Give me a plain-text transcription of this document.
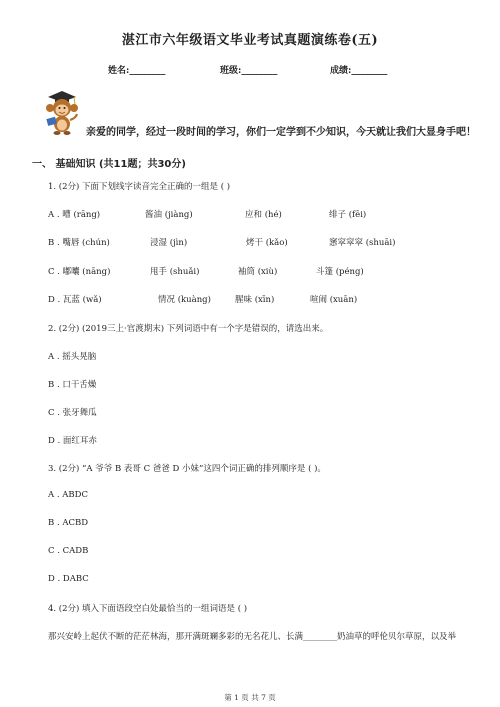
湛江市六年级语文毕业考试真题演练卷(五)
姓名:________	班级:________	成绩:________
亲爱的同学，经过一段时间的学习，你们一定学到不少知识，今天就让我们大显身手吧！
一、 基础知识 (共11题；共30分)
1. (2分) 下面下划线字读音完全正确的一组是 ( )
A . 嘈 (rāng)	酱油 (jiàng)	应和 (hé)	绯子 (fēi)
B . 嘴唇 (chún)	浸湿 (jìn)	烤干 (kǎo)	窸窣窣窣 (shuāi)
C . 嘟囔 (nāng)	甩手 (shuǎi)	袖筒 (xiù)	斗篷 (péng)
D . 瓦蓝 (wǎ)	情况 (kuàng)	腥味 (xīn)	喧闹 (xuān)
2. (2分) (2019三上·官渡期末) 下列词语中有一个字是错误的，请选出来。
A . 摇头晃脑
B . 口干舌燥
C . 张牙舞瓜
D . 面红耳赤
3. (2分) “A 爷爷 B 表哥 C 爸爸 D 小妹”这四个词正确的排列顺序是 ( )。
A . ABDC
B . ACBD
C . CADB
D . DABC
4. (2分) 填入下面语段空白处最恰当的一组词语是 ( )
那兴安岭上起伏不断的茫茫林海，那开满斑斓多彩的无名花儿、长满________奶油草的呼伦贝尔草原，以及举
第 1 页 共 7 页
